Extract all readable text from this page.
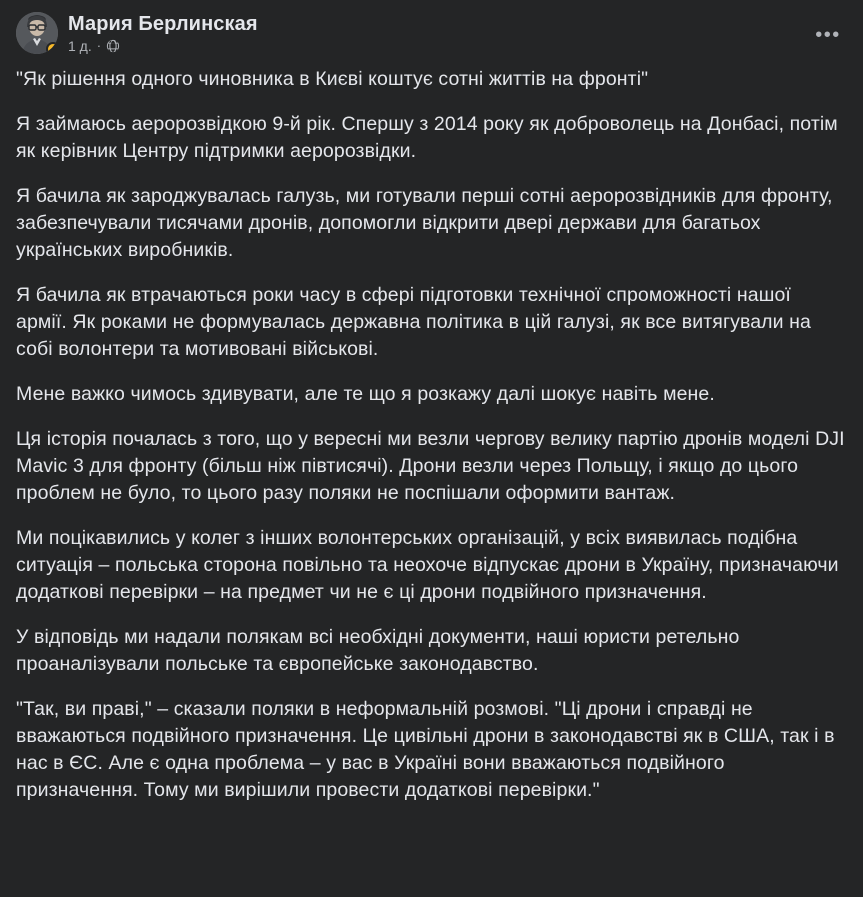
Мария Берлинская
1 д. ·	•••

"Як рішення одного чиновника в Києві коштує сотні життів на фронті"

Я займаюсь аеророзвідкою 9-й рік. Спершу з 2014 року як доброволець на Донбасі, потім як керівник Центру підтримки аеророзвідки.

Я бачила як зароджувалась галузь, ми готували перші сотні аеророзвідників для фронту, забезпечували тисячами дронів, допомогли відкрити двері держави для багатьох українських виробників.

Я бачила як втрачаються роки часу в сфері підготовки технічної спроможності нашої армії. Як роками не формувалась державна політика в цій галузі, як все витягували на собі волонтери та мотивовані військові.

Мене важко чимось здивувати, але те що я розкажу далі шокує навіть мене.

Ця історія почалась з того, що у вересні ми везли чергову велику партію дронів моделі DJI Mavic 3 для фронту (більш ніж півтисячі). Дрони везли через Польщу, і якщо до цього проблем не було, то цього разу поляки не поспішали оформити вантаж.

Ми поцікавились у колег з інших волонтерських організацій, у всіх виявилась подібна ситуація – польська сторона повільно та неохоче відпускає дрони в Україну, призначаючи додаткові перевірки – на предмет чи не є ці дрони подвійного призначення.

У відповідь ми надали полякам всі необхідні документи, наші юристи ретельно проаналізували польське та європейське законодавство.

"Так, ви праві," – сказали поляки в неформальній розмові. "Ці дрони і справді не вважаються подвійного призначення. Це цивільні дрони в законодавстві як в США, так і в нас в ЄС. Але є одна проблема – у вас в Україні вони вважаються подвійного призначення. Тому ми вирішили провести додаткові перевірки."
